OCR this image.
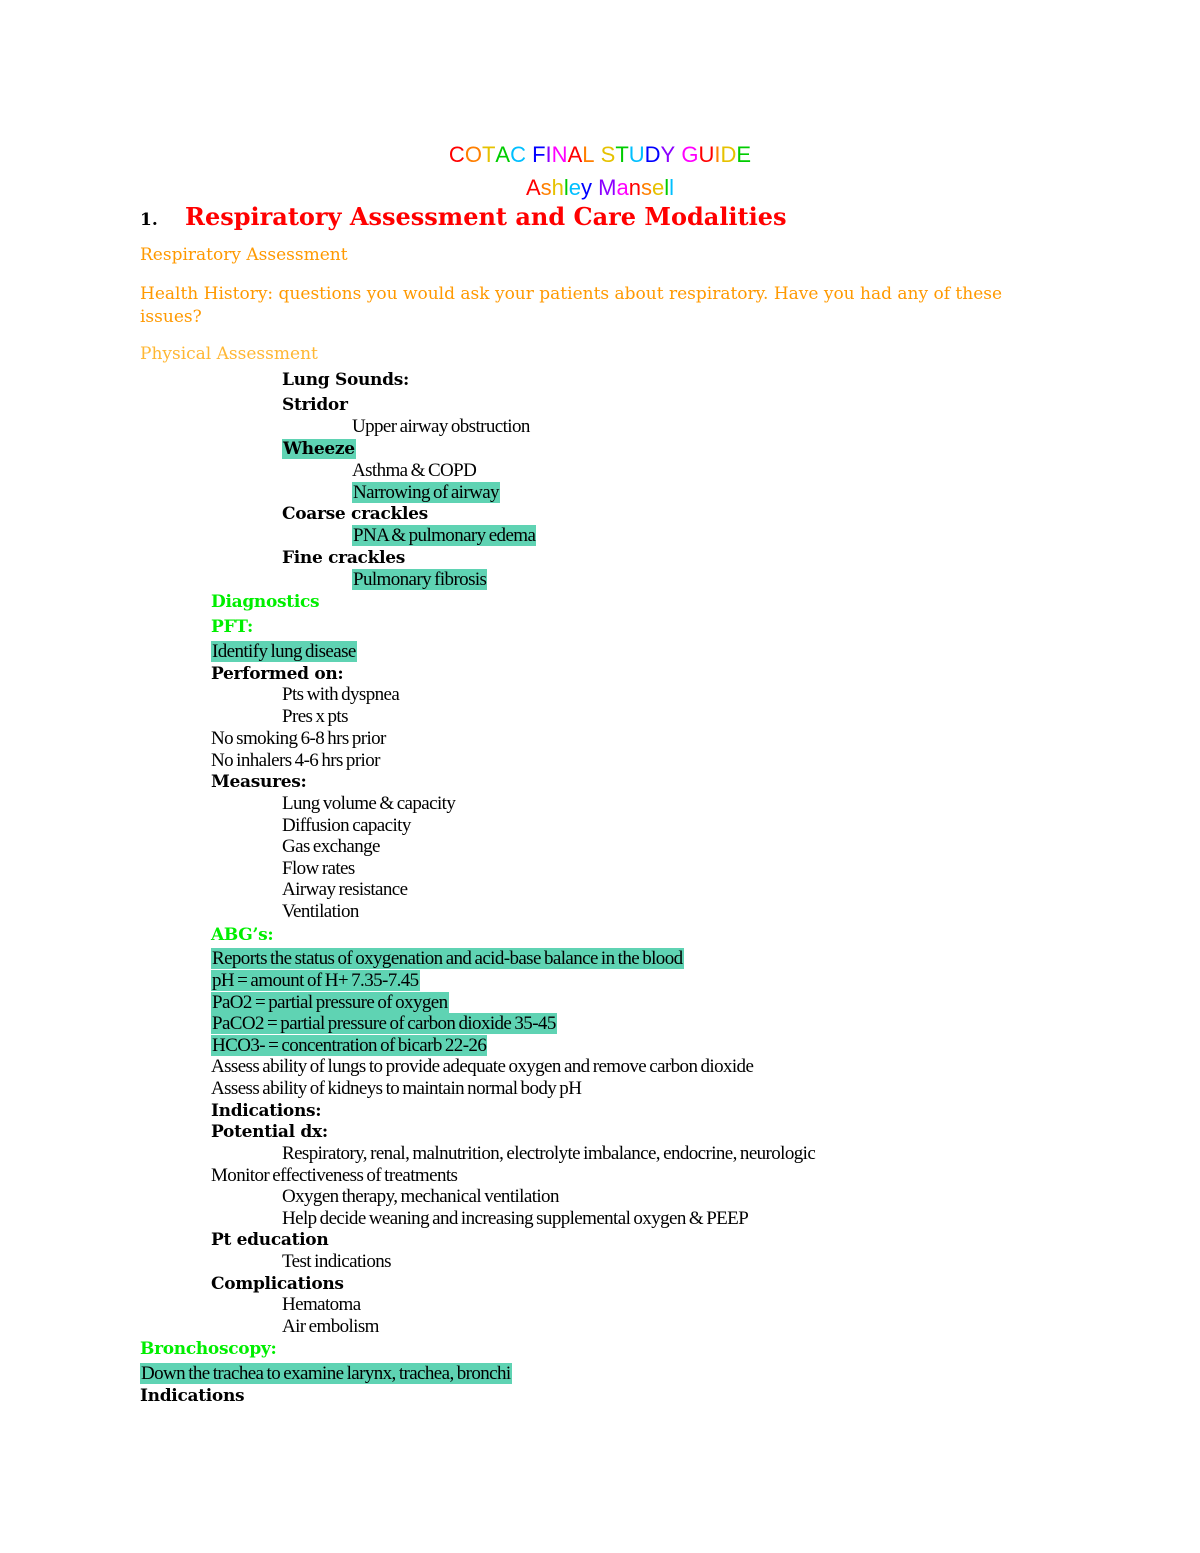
COTAC FINAL STUDY GUIDE
Ashley Mansell
1. Respiratory Assessment and Care Modalities
Respiratory Assessment
Health History: questions you would ask your patients about respiratory. Have you had any of these
issues?
Physical Assessment
Lung Sounds:
Stridor
Upper airway obstruction
Wheeze
Asthma & COPD
Narrowing of airway
Coarse crackles
PNA & pulmonary edema
Fine crackles
Pulmonary fibrosis
Diagnostics
PFT:
Identify lung disease
Performed on:
Pts with dyspnea
Pres x pts
No smoking 6-8 hrs prior
No inhalers 4-6 hrs prior
Measures:
Lung volume & capacity
Diffusion capacity
Gas exchange
Flow rates
Airway resistance
Ventilation
ABG’s:
Reports the status of oxygenation and acid-base balance in the blood
pH = amount of H+ 7.35-7.45
PaO2 = partial pressure of oxygen
PaCO2 = partial pressure of carbon dioxide 35-45
HCO3- = concentration of bicarb 22-26
Assess ability of lungs to provide adequate oxygen and remove carbon dioxide
Assess ability of kidneys to maintain normal body pH
Indications:
Potential dx:
Respiratory, renal, malnutrition, electrolyte imbalance, endocrine, neurologic
Monitor effectiveness of treatments
Oxygen therapy, mechanical ventilation
Help decide weaning and increasing supplemental oxygen & PEEP
Pt education
Test indications
Complications
Hematoma
Air embolism
Bronchoscopy:
Down the trachea to examine larynx, trachea, bronchi
Indications
